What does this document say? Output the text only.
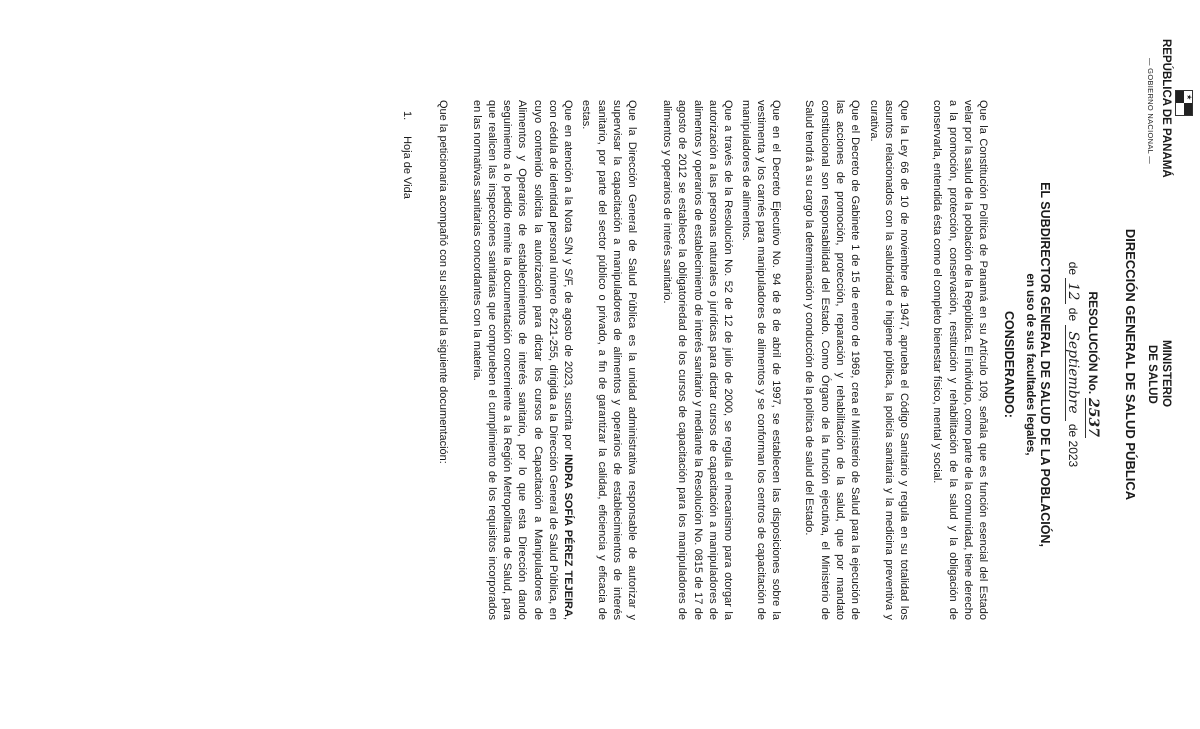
★
★
REPÚBLICA DE PANAMÁ
— GOBIERNO NACIONAL —
MINISTERIO
DE SALUD
DIRECCIÓN GENERAL DE SALUD PÚBLICA
RESOLUCIÓN No. 2537
de 12 de Septiembre de 2023
EL SUBDIRECTOR GENERAL DE SALUD DE LA POBLACIÓN,
en uso de sus facultades legales,
CONSIDERANDO:
Que la Constitución Política de Panamá en su Artículo 109, señala que es función esencial del Estado velar por la salud de la población de la República. El individuo, como parte de la comunidad, tiene derecho a la promoción, protección, conservación, restitución y rehabilitación de la salud y la obligación de conservarla, entendida ésta como el completo bienestar físico, mental y social.
Que la Ley 66 de 10 de noviembre de 1947, aprueba el Código Sanitario y regula en su totalidad los asuntos relacionados con la salubridad e higiene pública, la policía sanitaria y la medicina preventiva y curativa.
Que el Decreto de Gabinete 1 de 15 de enero de 1969, crea el Ministerio de Salud para la ejecución de las acciones de promoción, protección, reparación y rehabilitación de la salud, que por mandato constitucional son responsabilidad del Estado. Como Órgano de la función ejecutiva, el Ministerio de Salud tendrá a su cargo la determinación y conducción de la política de salud del Estado.
Que en el Decreto Ejecutivo No. 94 de 8 de abril de 1997, se establecen las disposiciones sobre la vestimenta y los carnés para manipuladores de alimentos y se conforman los centros de capacitación de manipuladores de alimentos.
Que a través de la Resolución No. 52 de 12 de julio de 2000, se regula el mecanismo para otorgar la autorización a las personas naturales o jurídicas para dictar cursos de capacitación a manipuladores de alimentos y operarios de establecimiento de interés sanitario y mediante la Resolución No. 0815 de 17 de agosto de 2012 se establece la obligatoriedad de los cursos de capacitación para los manipuladores de alimentos y operarios de interés sanitario.
Que la Dirección General de Salud Pública es la unidad administrativa responsable de autorizar y supervisar la capacitación a manipuladores de alimentos y operarios de establecimientos de interés sanitario, por parte del sector público o privado, a fin de garantizar la calidad, eficiencia y eficacia de estas.
Que en atención a la Nota S/N y S/F, de agosto de 2023, suscrita por INDRA SOFÍA PÉREZ TEJEIRA, con cédula de identidad personal número 8-221-255, dirigida a la Dirección General de Salud Pública, en cuyo contenido solicita la autorización para dictar los cursos de Capacitación a Manipuladores de Alimentos y Operarios de establecimientos de interés sanitario, por lo que esta Dirección dando seguimiento a lo pedido remite la documentación concerniente a la Región Metropolitana de Salud, para que realicen las inspecciones sanitarias que comprueben el cumplimiento de los requisitos incorporados en las normativas sanitarias concordantes con la materia.
Que la peticionaria acompañó con su solicitud la siguiente documentación:
1. Hoja de Vida
